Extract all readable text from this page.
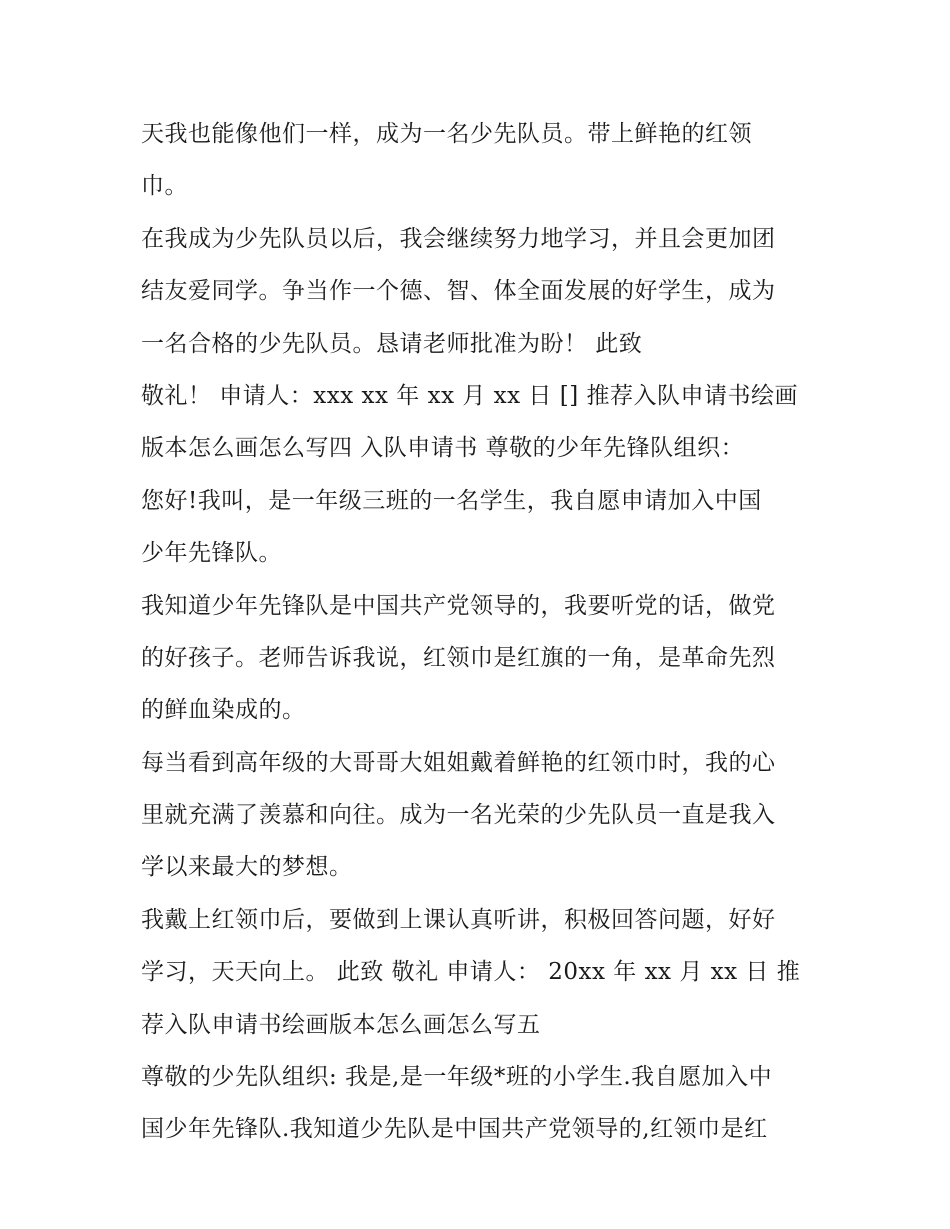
天我也能像他们一样，成为一名少先队员。带上鲜艳的红领
巾。
在我成为少先队员以后，我会继续努力地学习，并且会更加团
结友爱同学。争当作一个德、智、体全面发展的好学生，成为
一名合格的少先队员。恳请老师批准为盼！ 此致
敬礼！ 申请人：xxx xx 年 xx 月 xx 日 [] 推荐入队申请书绘画
版本怎么画怎么写四 入队申请书 尊敬的少年先锋队组织：
您好!我叫，是一年级三班的一名学生，我自愿申请加入中国
少年先锋队。
我知道少年先锋队是中国共产党领导的，我要听党的话，做党
的好孩子。老师告诉我说，红领巾是红旗的一角，是革命先烈
的鲜血染成的。
每当看到高年级的大哥哥大姐姐戴着鲜艳的红领巾时，我的心
里就充满了羡慕和向往。成为一名光荣的少先队员一直是我入
学以来最大的梦想。
我戴上红领巾后，要做到上课认真听讲，积极回答问题，好好
学习，天天向上。 此致 敬礼 申请人： 20xx 年 xx 月 xx 日 推
荐入队申请书绘画版本怎么画怎么写五
尊敬的少先队组织: 我是,是一年级*班的小学生.我自愿加入中
国少年先锋队.我知道少先队是中国共产党领导的,红领巾是红
